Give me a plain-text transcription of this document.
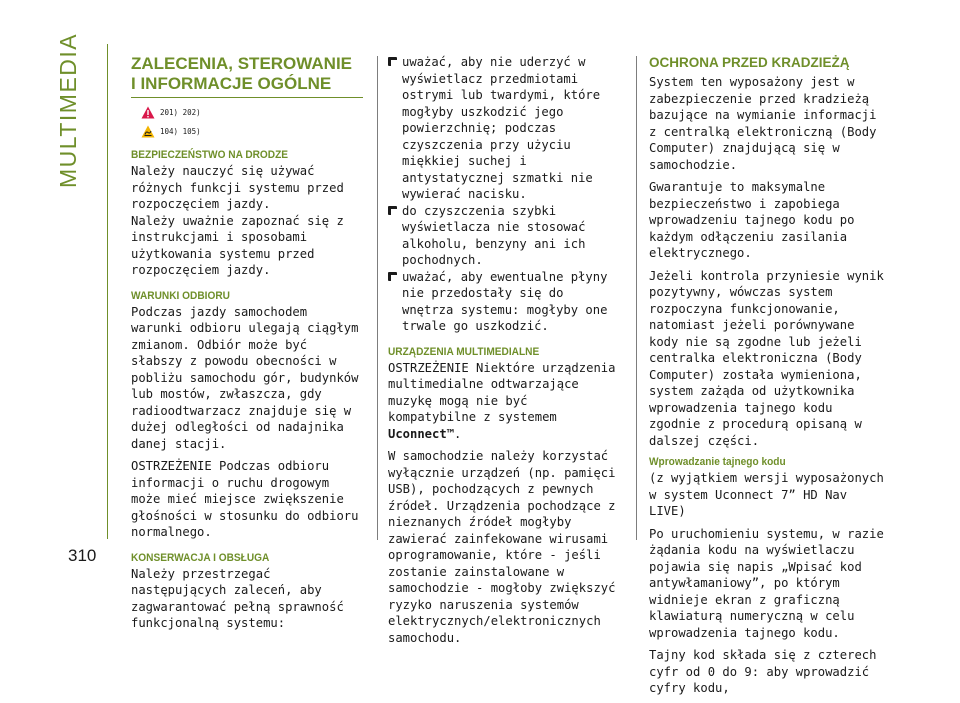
MULTIMEDIA
310
ZALECENIA, STEROWANIE
I INFORMACJE OGÓLNE
201) 202)
104) 105)
BEZPIECZEŃSTWO NA DRODZE

Należy nauczyć się używać różnych funkcji systemu przed rozpoczęciem jazdy.

Należy uważnie zapoznać się z instrukcjami i sposobami użytkowania systemu przed rozpoczęciem jazdy.

WARUNKI ODBIORU

Podczas jazdy samochodem warunki odbioru ulegają ciągłym zmianom. Odbiór może być słabszy z powodu obecności w pobliżu samochodu gór, budynków lub mostów, zwłaszcza, gdy radioodtwarzacz znajduje się w dużej odległości od nadajnika danej stacji.

OSTRZEŻENIE Podczas odbioru informacji o ruchu drogowym może mieć miejsce zwiększenie głośności w stosunku do odbioru normalnego.

KONSERWACJA I OBSŁUGA

Należy przestrzegać następujących zaleceń, aby zagwarantować pełną sprawność funkcjonalną systemu:

uważać, aby nie uderzyć w wyświetlacz przedmiotami ostrymi lub twardymi, które mogłyby uszkodzić jego powierzchnię; podczas czyszczenia przy użyciu miękkiej suchej i antystatycznej szmatki nie wywierać nacisku.
do czyszczenia szybki wyświetlacza nie stosować alkoholu, benzyny ani ich pochodnych.
uważać, aby ewentualne płyny nie przedostały się do wnętrza systemu: mogłyby one trwale go uszkodzić.
URZĄDZENIA MULTIMEDIALNE

OSTRZEŻENIE Niektóre urządzenia multimedialne odtwarzające muzykę mogą nie być kompatybilne z systemem Uconnect™.

W samochodzie należy korzystać wyłącznie urządzeń (np. pamięci USB), pochodzących z pewnych źródeł. Urządzenia pochodzące z nieznanych źródeł mogłyby zawierać zainfekowane wirusami oprogramowanie, które - jeśli zostanie zainstalowane w samochodzie - mogłoby zwiększyć ryzyko naruszenia systemów elektrycznych/elektronicznych samochodu.

OCHRONA PRZED KRADZIEŻĄ

System ten wyposażony jest w zabezpieczenie przed kradzieżą bazujące na wymianie informacji z centralką elektroniczną (Body Computer) znajdującą się w samochodzie.

Gwarantuje to maksymalne bezpieczeństwo i zapobiega wprowadzeniu tajnego kodu po każdym odłączeniu zasilania elektrycznego.

Jeżeli kontrola przyniesie wynik pozytywny, wówczas system rozpoczyna funkcjonowanie, natomiast jeżeli porównywane kody nie są zgodne lub jeżeli centralka elektroniczna (Body Computer) została wymieniona, system zażąda od użytkownika wprowadzenia tajnego kodu zgodnie z procedurą opisaną w dalszej części.

Wprowadzanie tajnego kodu

(z wyjątkiem wersji wyposażonych w system Uconnect 7” HD Nav LIVE)

Po uruchomieniu systemu, w razie żądania kodu na wyświetlaczu pojawia się napis „Wpisać kod antywłamaniowy”, po którym widnieje ekran z graficzną klawiaturą numeryczną w celu wprowadzenia tajnego kodu.

Tajny kod składa się z czterech cyfr od 0 do 9: aby wprowadzić cyfry kodu,
